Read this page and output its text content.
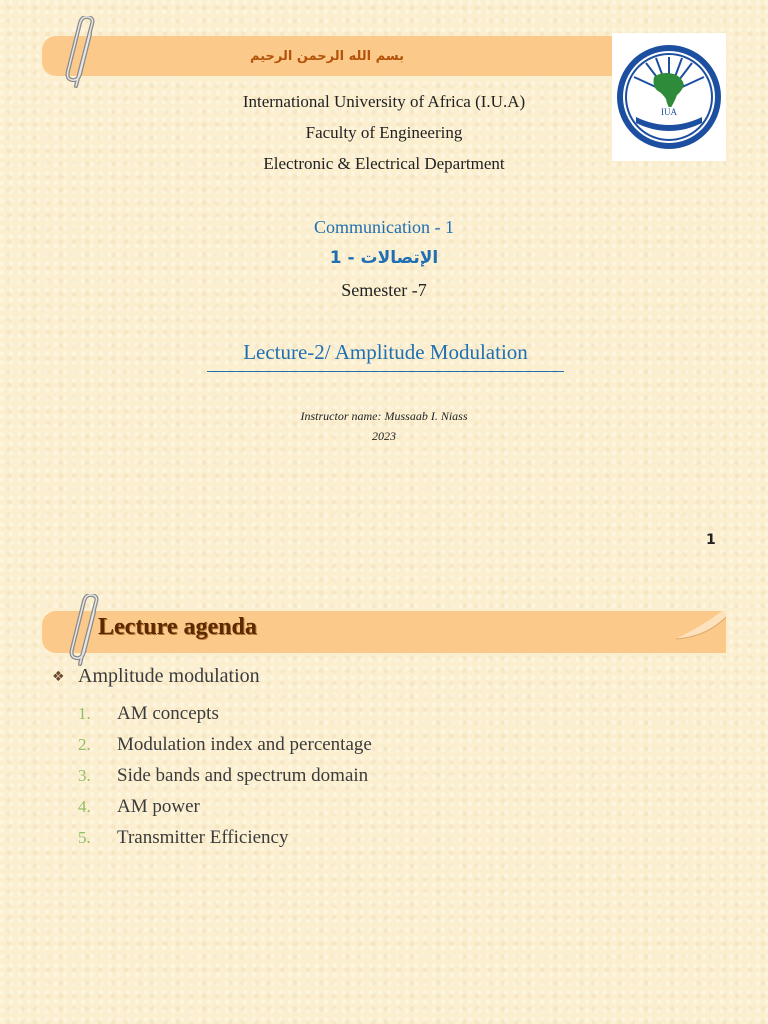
بسم الله الرحمن الرحيم
IUA
International University of Africa (I.U.A)
Faculty of Engineering
Electronic & Electrical Department
Communication - 1
الإتصالات - 1
Semester -7
Lecture-2/ Amplitude Modulation
Instructor name: Mussaab I. Niass
2023
1
Lecture agenda
❖ Amplitude modulation
1.	AM concepts
2.	Modulation index and percentage
3.	Side bands and spectrum domain
4.	AM power
5.	Transmitter Efficiency
